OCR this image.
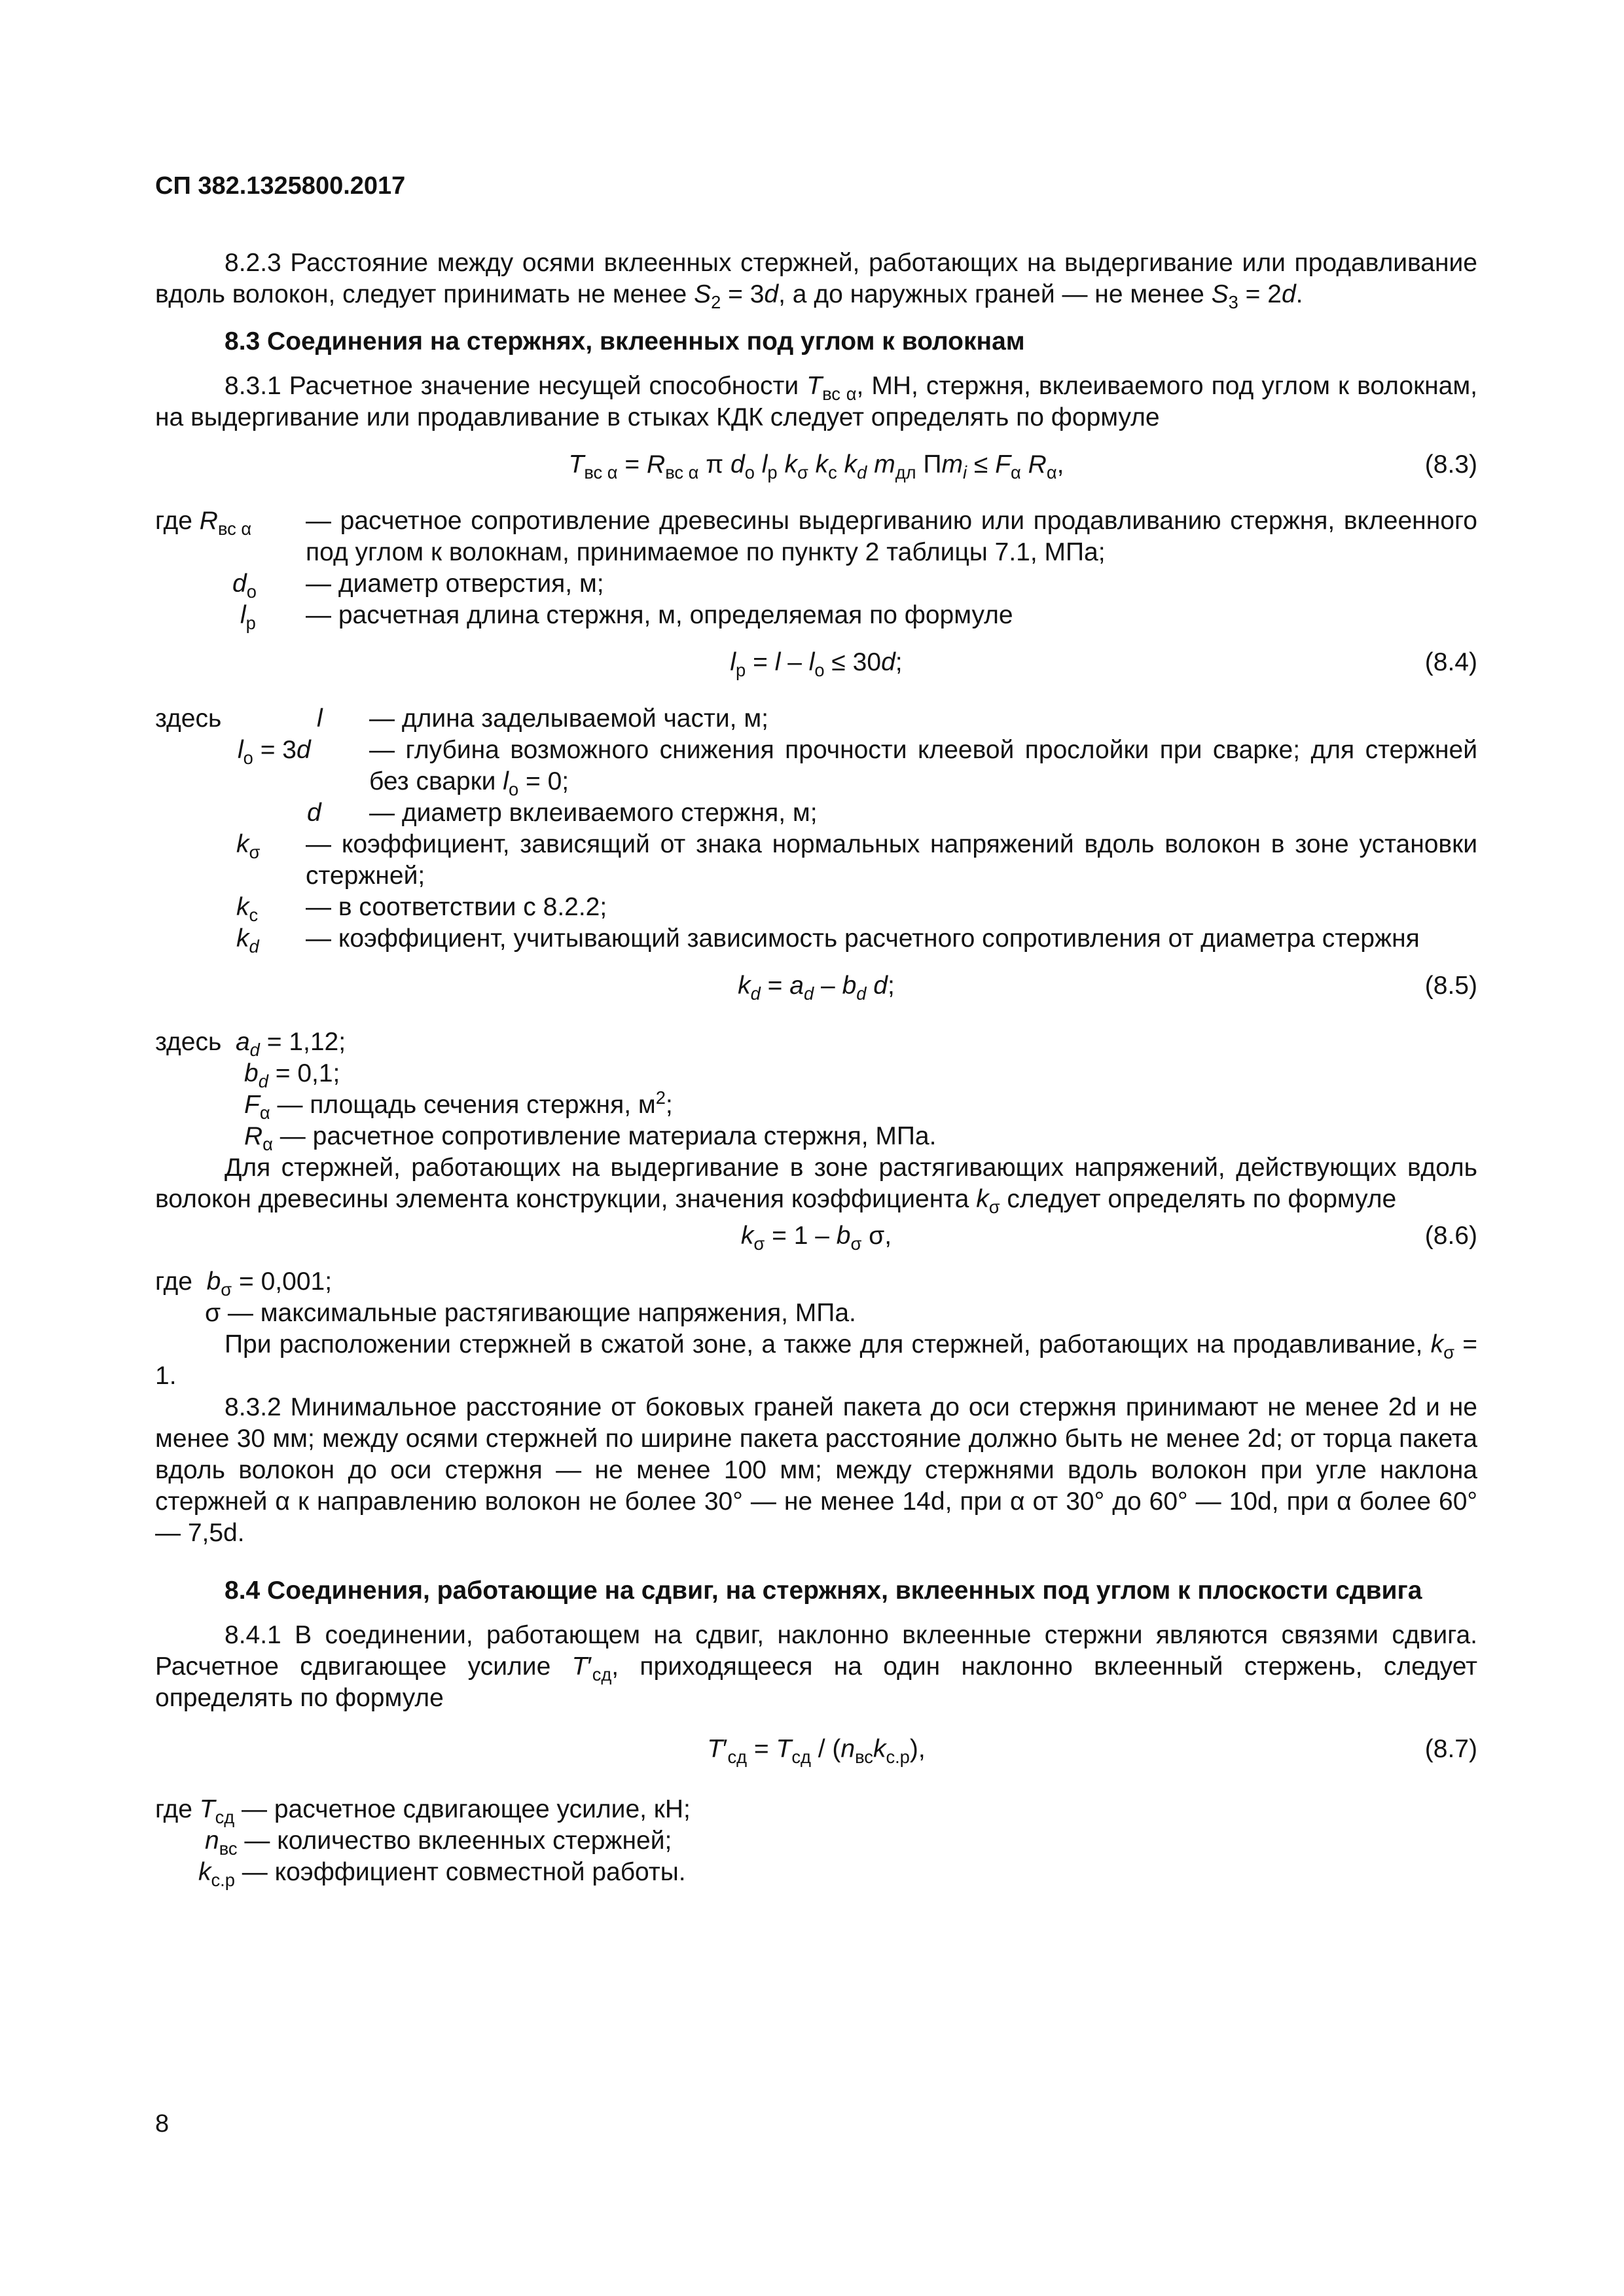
СП 382.1325800.2017

8.2.3 Расстояние между осями вклеенных стержней, работающих на выдергивание или продавливание вдоль волокон, следует принимать не менее $S_2 = 3d$, а до наружных граней — не менее $S_3 = 2d$.

8.3 Соединения на стержнях, вклеенных под углом к волокнам

8.3.1 Расчетное значение несущей способности $T_{вс \alpha}$, МН, стержня, вклеиваемого под углом к волокнам, на выдергивание или продавливание в стыках КДК следует определять по формуле

$T_{вс \alpha} = R_{вс \alpha}$ π $d_о$ $l_р$ $k_\sigma$ $k_с$ $k_d$ $m_{дл}$ $\Pi m_i \le F_\alpha$ $R_\alpha$,	(8.3)
где $R_{вс \alpha}$ — расчетное сопротивление древесины выдергиванию или продавливанию стержня, вклеенного под углом к волокнам, принимаемое по пункту 2 таблицы 7.1, МПа;
$d_о$ — диаметр отверстия, м;
$l_р$ — расчетная длина стержня, м, определяемая по формуле
$l_р = l - l_о \le 30d$;	(8.4)
здесь	l — длина заделываемой части, м;
$l_о = 3d$ — глубина возможного снижения прочности клеевой прослойки при сварке; для стержней без сварки $l_о = 0$;
d — диаметр вклеиваемого стержня, м;
$k_\sigma$ — коэффициент, зависящий от знака нормальных напряжений вдоль волокон в зоне установки стержней;
$k_с$ — в соответствии с 8.2.2;
$k_d$ — коэффициент, учитывающий зависимость расчетного сопротивления от диаметра стержня
$k_d = a_d - b_d$ d;	(8.5)
здесь $a_d = 1,12$;
$b_d = 0,1$;
$F_\alpha$ — площадь сечения стержня, $м^2$;
$R_\alpha$ — расчетное сопротивление материала стержня, МПа.

Для стержней, работающих на выдергивание в зоне растягивающих напряжений, действующих вдоль волокон древесины элемента конструкции, значения коэффициента $k_\sigma$ следует определять по формуле

$k_\sigma = 1 - b_\sigma$ σ,	(8.6)
где $b_\sigma = 0,001$;
σ — максимальные растягивающие напряжения, МПа.

При расположении стержней в сжатой зоне, а также для стержней, работающих на продавливание, $k_\sigma = 1$.

8.3.2 Минимальное расстояние от боковых граней пакета до оси стержня принимают не менее 2d и не менее 30 мм; между осями стержней по ширине пакета расстояние должно быть не менее 2d; от торца пакета вдоль волокон до оси стержня — не менее 100 мм; между стержнями вдоль волокон при угле наклона стержней α к направлению волокон не более 30° — не менее 14d, при α от 30° до 60° — 10d, при α более 60° — 7,5d.

8.4 Соединения, работающие на сдвиг, на стержнях, вклеенных под углом к плоскости сдвига

8.4.1 В соединении, работающем на сдвиг, наклонно вклеенные стержни являются связями сдвига. Расчетное сдвигающее усилие $T'_{сд}$, приходящееся на один наклонно вклеенный стержень, следует определять по формуле

$T'_{сд} = T_{сд} / (n_{вс}k_{с.р})$,	(8.7)
где $T_{сд}$ — расчетное сдвигающее усилие, кН;
$n_{вс}$ — количество вклеенных стержней;
$k_{с.р}$ — коэффициент совместной работы.
8
